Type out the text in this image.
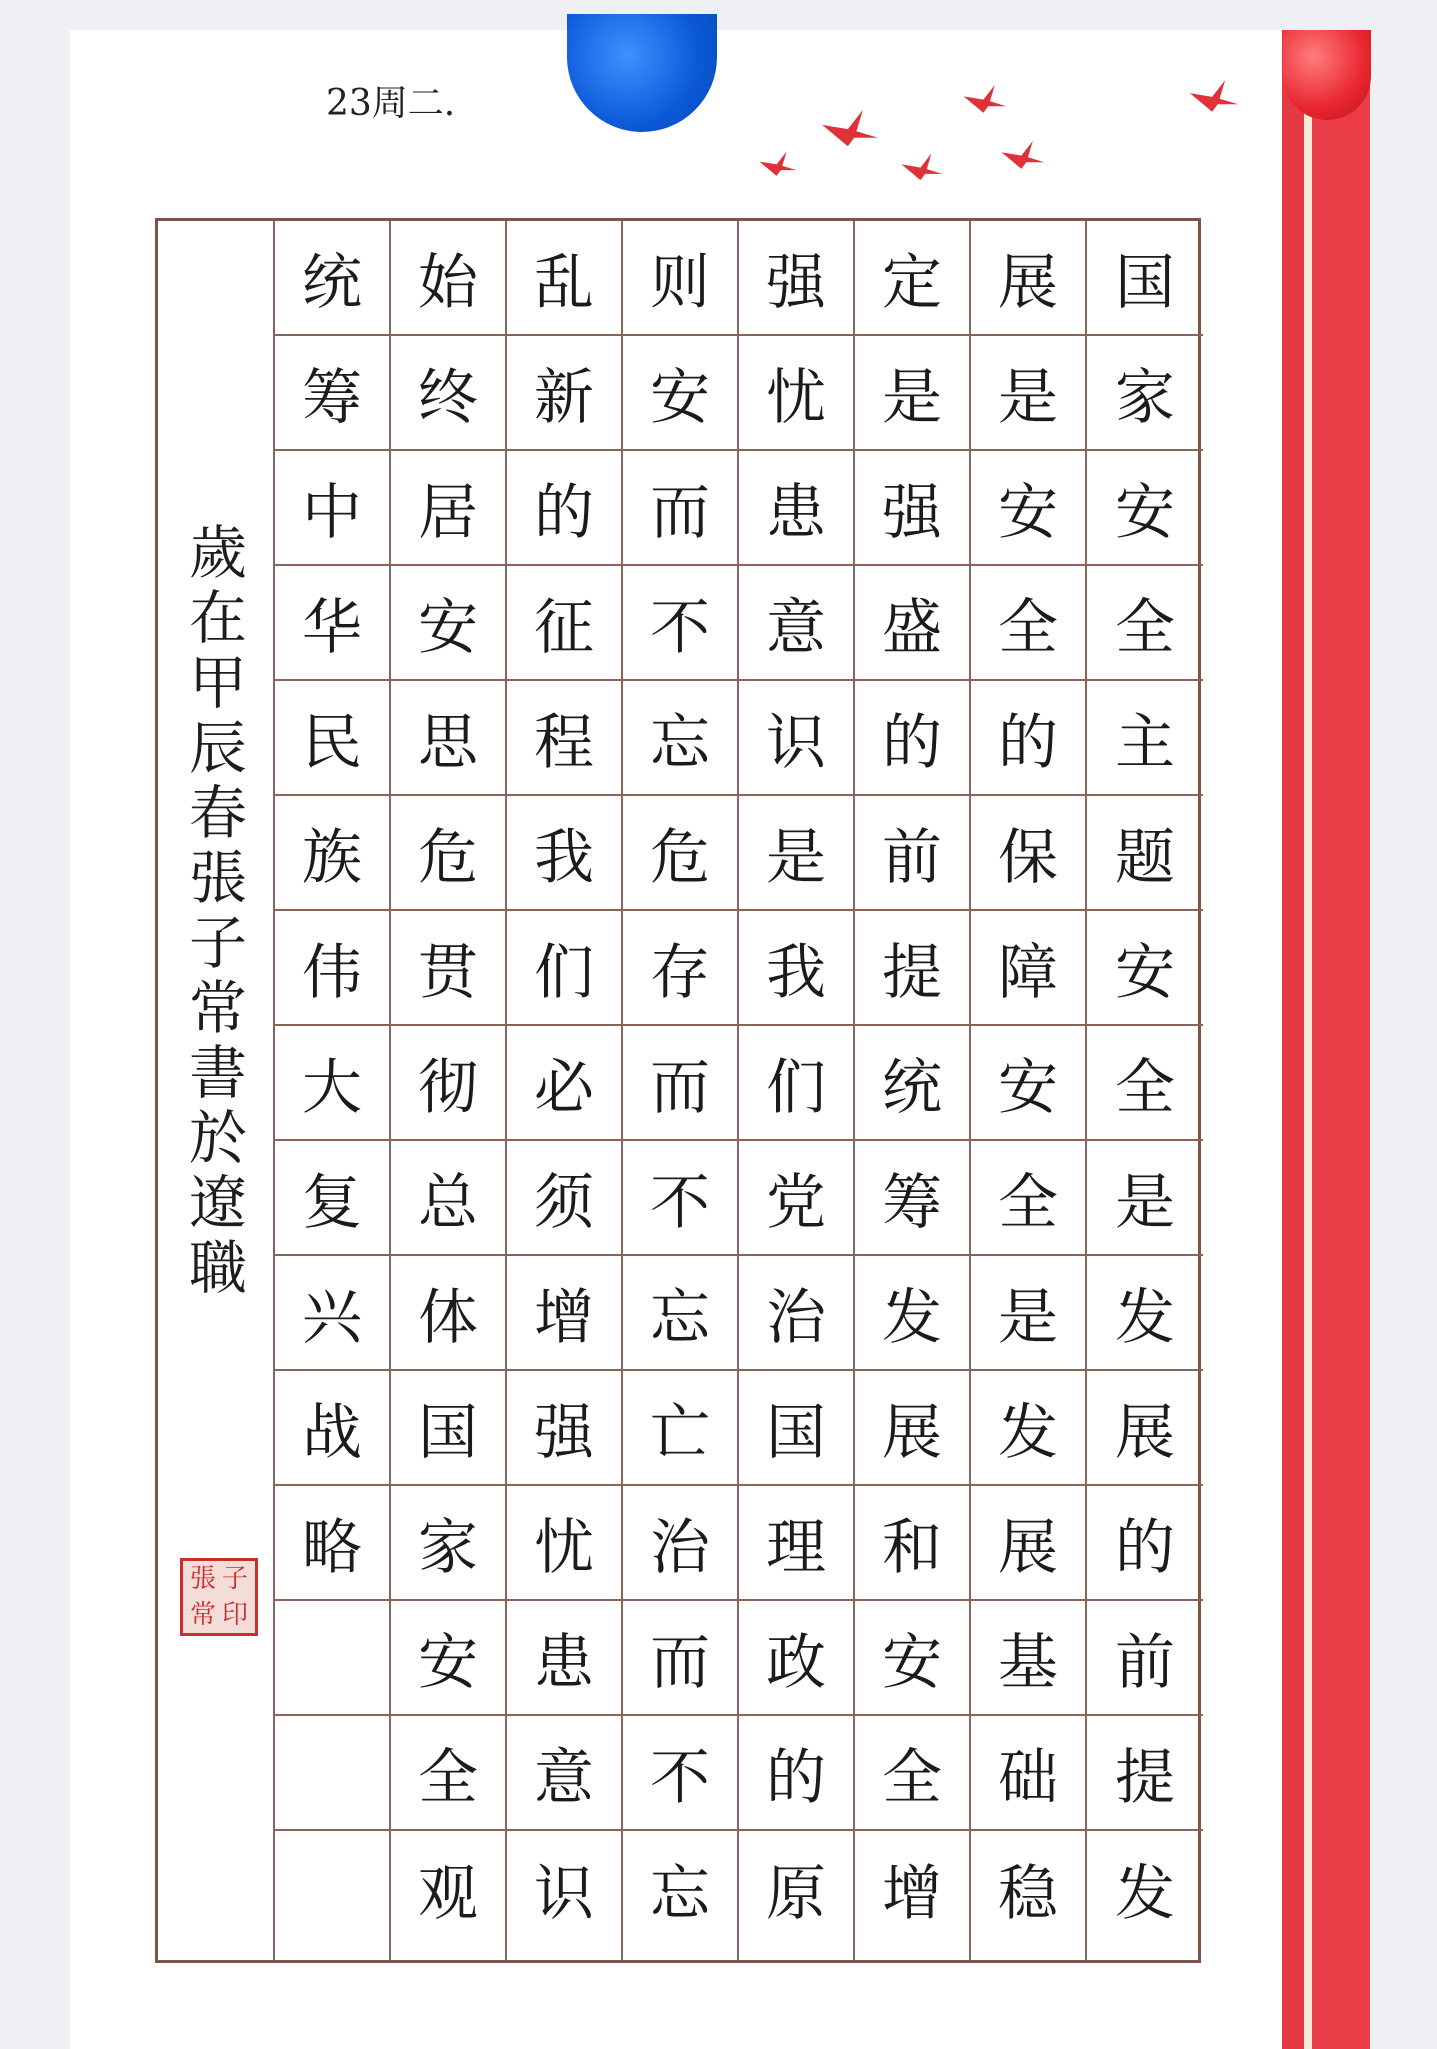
23周二.
歲在甲辰春張子常書於遼職
張 子
常 印
国
家
安
全
主
题
安
全
是
发
展
的
前
提
发
展
是
安
全
的
保
障
安
全
是
发
展
基
础
稳
定
是
强
盛
的
前
提
统
筹
发
展
和
安
全
增
强
忧
患
意
识
是
我
们
党
治
国
理
政
的
原
则
安
而
不
忘
危
存
而
不
忘
亡
治
而
不
忘
乱
新
的
征
程
我
们
必
须
增
强
忧
患
意
识
始
终
居
安
思
危
贯
彻
总
体
国
家
安
全
观
统
筹
中
华
民
族
伟
大
复
兴
战
略
